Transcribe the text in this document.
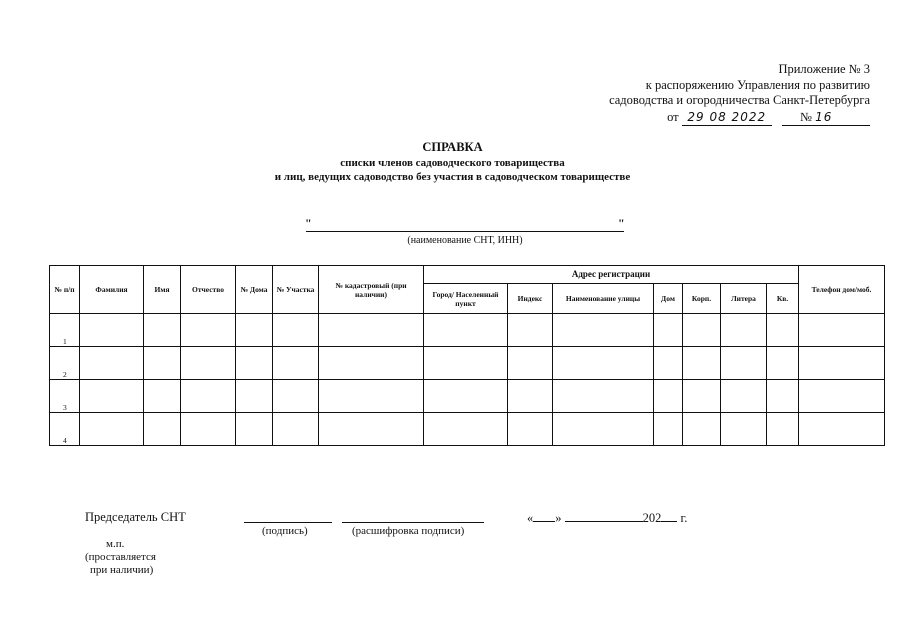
Приложение № 3
к распоряжению Управления по развитию
садоводства и огородничества Санкт-Петербурга
от 29 08 2022	№ 16
СПРАВКА
списки членов садоводческого товарищества
и лиц, ведущих садоводство без участия в садоводческом товариществе
"	"
(наименование СНТ, ИНН)
№ п/п	Фамилия	Имя	Отчество	№ Дома	№ Участка	№ кадастровый (при наличии)	Адрес регистрации							Телефон дом/моб.
							Город/ Населенный пункт	Индекс	Наименование улицы	Дом	Корп.	Литера	Кв.	
1														
2														
3														
4														
Председатель СНТ
(подпись)	(расшифровка подписи)
« »	202 г.
м.п.
(проставляется
при наличии)
